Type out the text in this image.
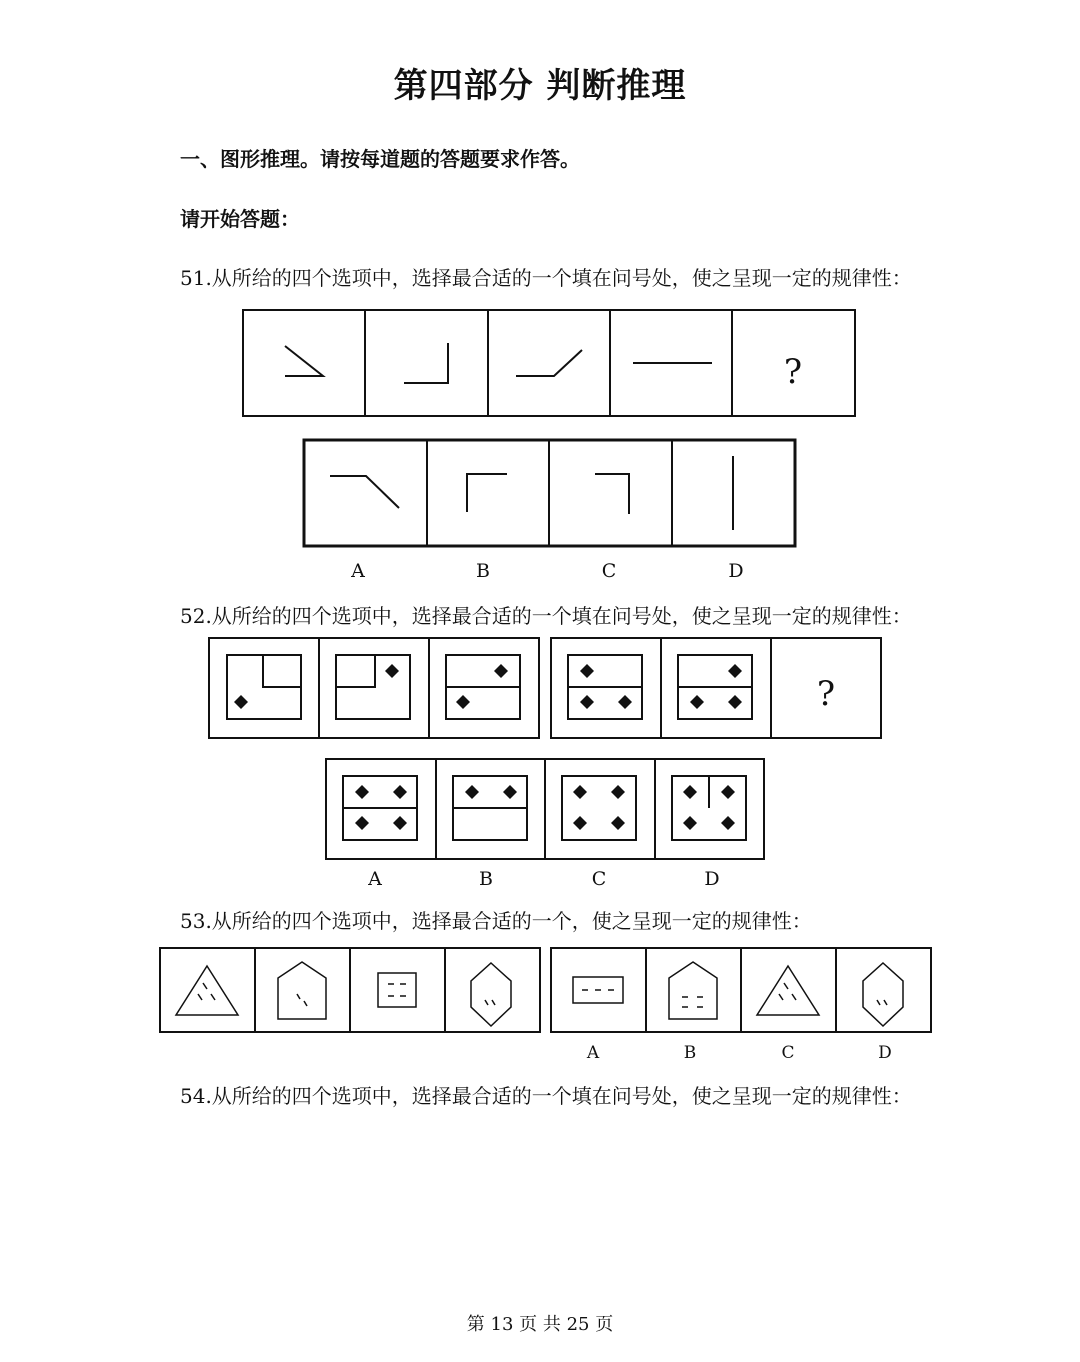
第四部分 判断推理
一、图形推理。请按每道题的答题要求作答。
请开始答题：
51.从所给的四个选项中，选择最合适的一个填在问号处，使之呈现一定的规律性：
?
A	B	C	D
52.从所给的四个选项中，选择最合适的一个填在问号处，使之呈现一定的规律性：
?
A	B	C	D
53.从所给的四个选项中，选择最合适的一个，使之呈现一定的规律性：
A	B	C	D
54.从所给的四个选项中，选择最合适的一个填在问号处，使之呈现一定的规律性：
第 13 页 共 25 页
